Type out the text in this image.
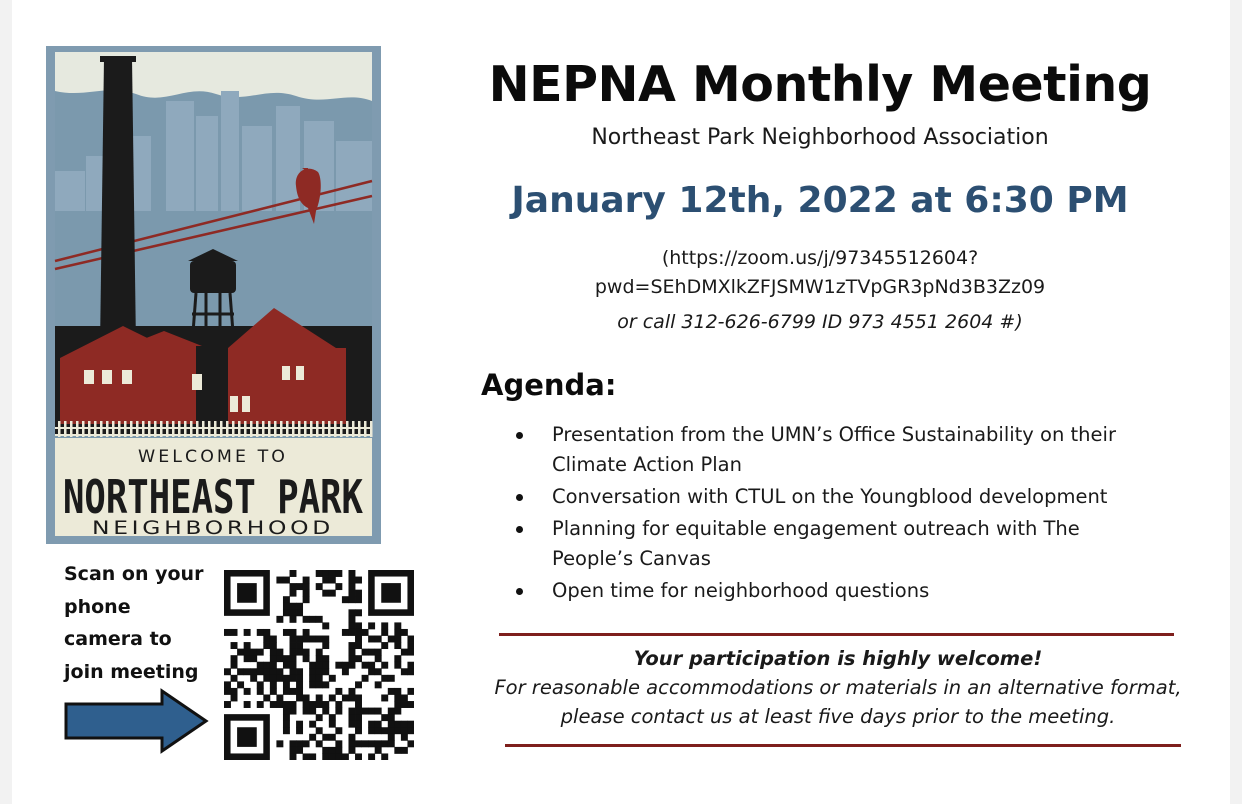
WELCOME TO
NORTHEAST PARK
NEIGHBORHOOD
Scan on your phone camera to join meeting
NEPNA Monthly Meeting
Northeast Park Neighborhood Association
January 12th, 2022 at 6:30 PM
(https://zoom.us/j/97345512604?
pwd=SEhDMXlkZFJSMW1zTVpGR3pNd3B3Zz09
or call 312-626-6799 ID 973 4551 2604 #)
Agenda:
Presentation from the UMN’s Office Sustainability on their Climate Action Plan
Conversation with CTUL on the Youngblood development
Planning for equitable engagement outreach with The People’s Canvas
Open time for neighborhood questions
Your participation is highly welcome!
For reasonable accommodations or materials in an alternative format, please contact us at least five days prior to the meeting.
